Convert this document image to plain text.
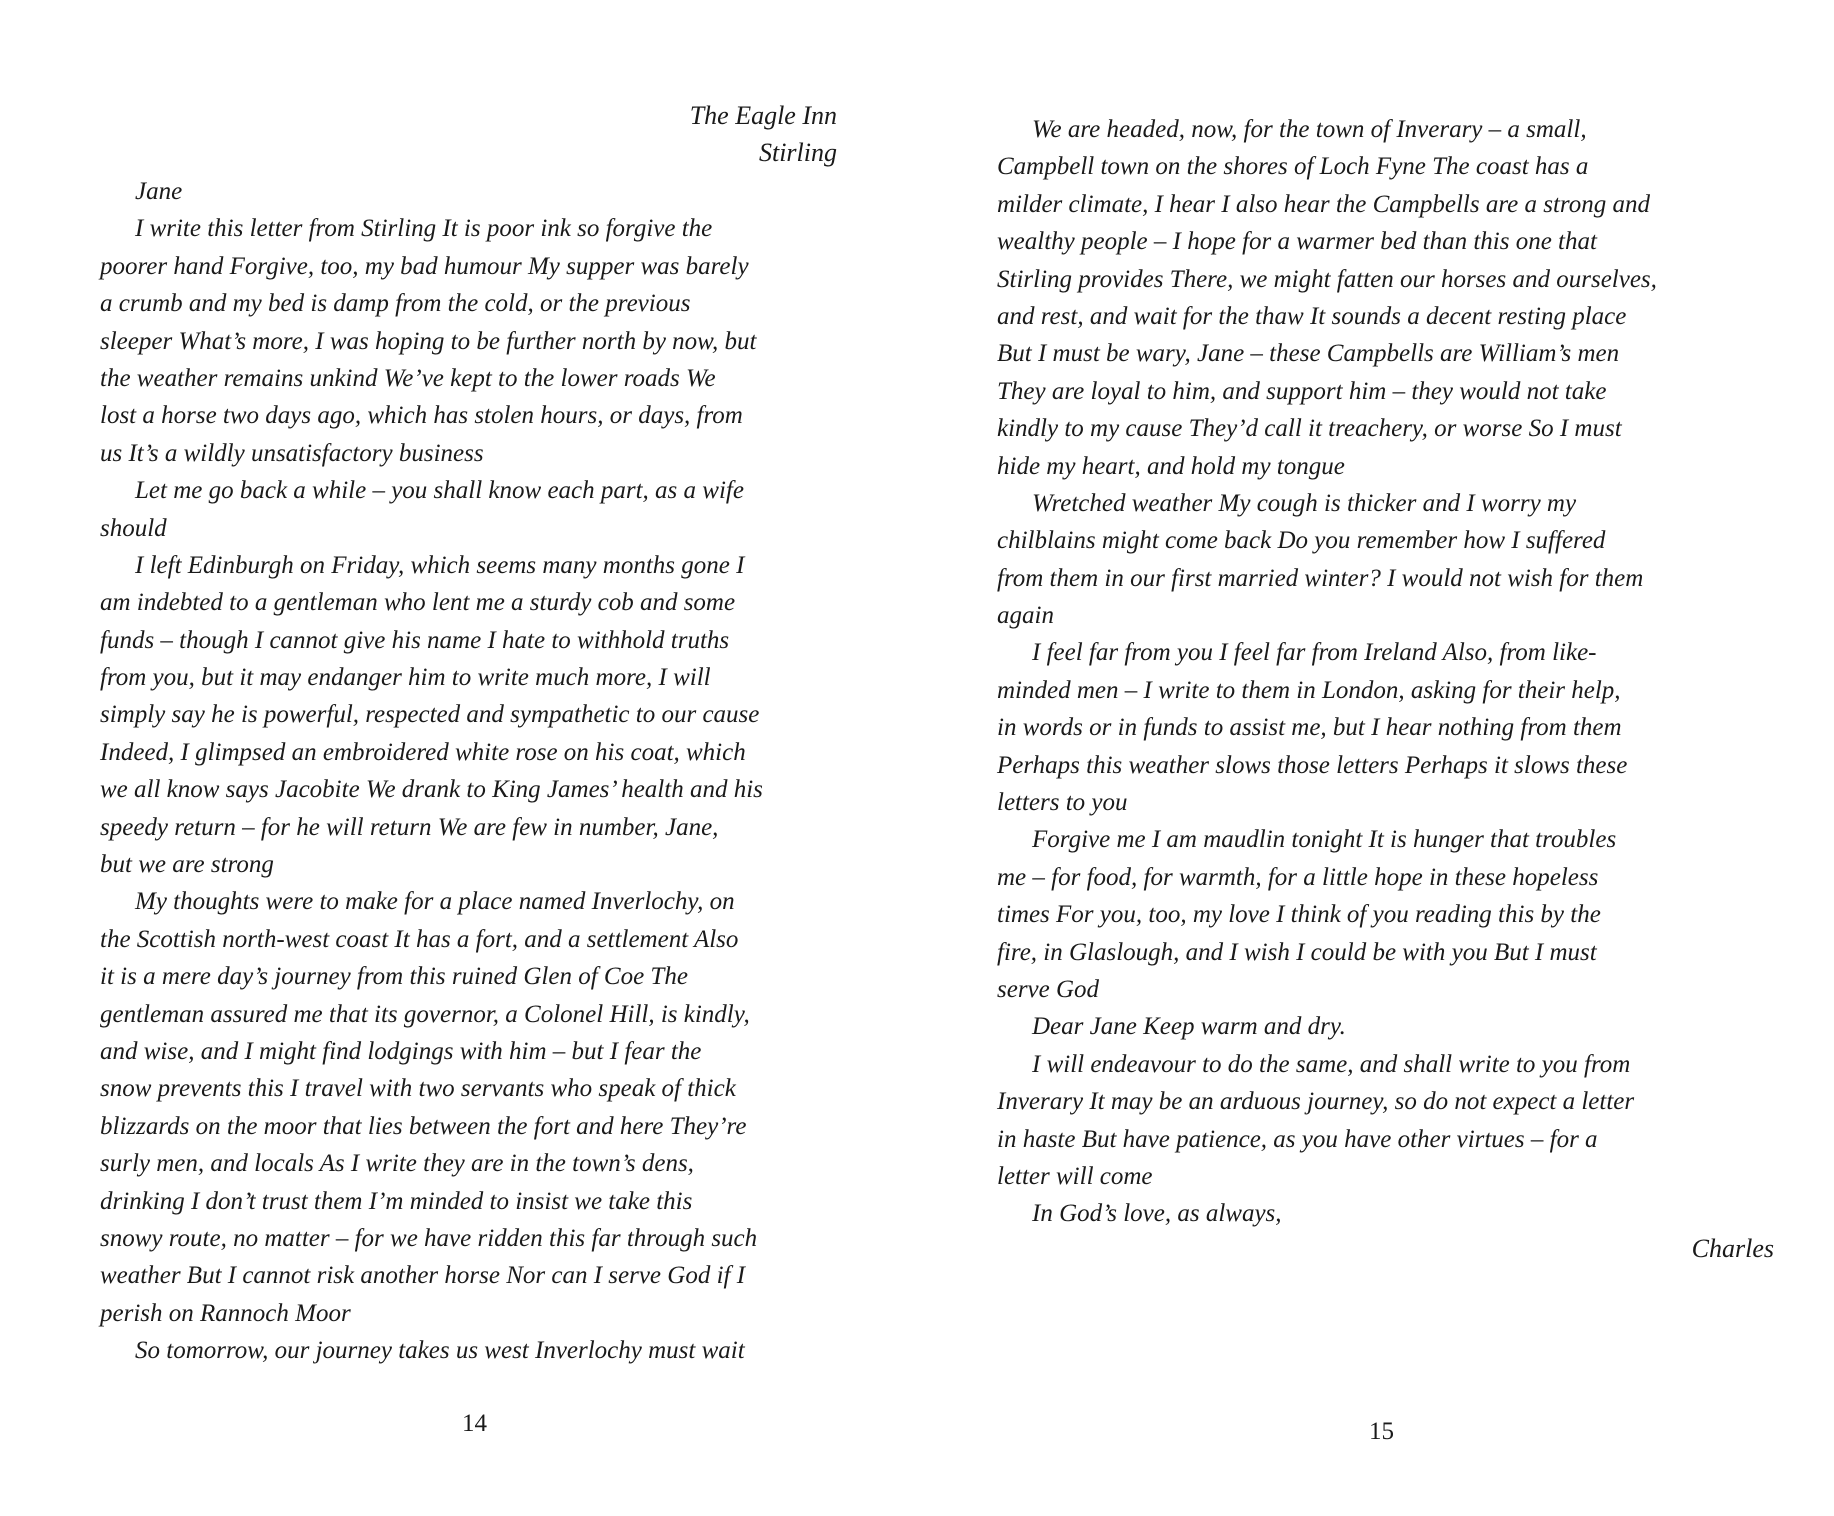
The Eagle Inn
Stirling
Jane
I write this letter from Stirling It is poor ink so forgive the
poorer hand Forgive, too, my bad humour My supper was barely
a crumb and my bed is damp from the cold, or the previous
sleeper What’s more, I was hoping to be further north by now, but
the weather remains unkind We’ve kept to the lower roads We
lost a horse two days ago, which has stolen hours, or days, from
us It’s a wildly unsatisfactory business
Let me go back a while – you shall know each part, as a wife
should
I left Edinburgh on Friday, which seems many months gone I
am indebted to a gentleman who lent me a sturdy cob and some
funds – though I cannot give his name I hate to withhold truths
from you, but it may endanger him to write much more, I will
simply say he is powerful, respected and sympathetic to our cause
Indeed, I glimpsed an embroidered white rose on his coat, which
we all know says Jacobite We drank to King James’ health and his
speedy return – for he will return We are few in number, Jane,
but we are strong
My thoughts were to make for a place named Inverlochy, on
the Scottish north-west coast It has a fort, and a settlement Also
it is a mere day’s journey from this ruined Glen of Coe The
gentleman assured me that its governor, a Colonel Hill, is kindly,
and wise, and I might find lodgings with him – but I fear the
snow prevents this I travel with two servants who speak of thick
blizzards on the moor that lies between the fort and here They’re
surly men, and locals As I write they are in the town’s dens,
drinking I don’t trust them I’m minded to insist we take this
snowy route, no matter – for we have ridden this far through such
weather But I cannot risk another horse Nor can I serve God if I
perish on Rannoch Moor
So tomorrow, our journey takes us west Inverlochy must wait
14
We are headed, now, for the town of Inverary – a small,
Campbell town on the shores of Loch Fyne The coast has a
milder climate, I hear I also hear the Campbells are a strong and
wealthy people – I hope for a warmer bed than this one that
Stirling provides There, we might fatten our horses and ourselves,
and rest, and wait for the thaw It sounds a decent resting place
But I must be wary, Jane – these Campbells are William’s men
They are loyal to him, and support him – they would not take
kindly to my cause They’d call it treachery, or worse So I must
hide my heart, and hold my tongue
Wretched weather My cough is thicker and I worry my
chilblains might come back Do you remember how I suffered
from them in our first married winter? I would not wish for them
again
I feel far from you I feel far from Ireland Also, from like-
minded men – I write to them in London, asking for their help,
in words or in funds to assist me, but I hear nothing from them
Perhaps this weather slows those letters Perhaps it slows these
letters to you
Forgive me I am maudlin tonight It is hunger that troubles
me – for food, for warmth, for a little hope in these hopeless
times For you, too, my love I think of you reading this by the
fire, in Glaslough, and I wish I could be with you But I must
serve God
Dear Jane Keep warm and dry.
I will endeavour to do the same, and shall write to you from
Inverary It may be an arduous journey, so do not expect a letter
in haste But have patience, as you have other virtues – for a
letter will come
In God’s love, as always,
Charles
15
